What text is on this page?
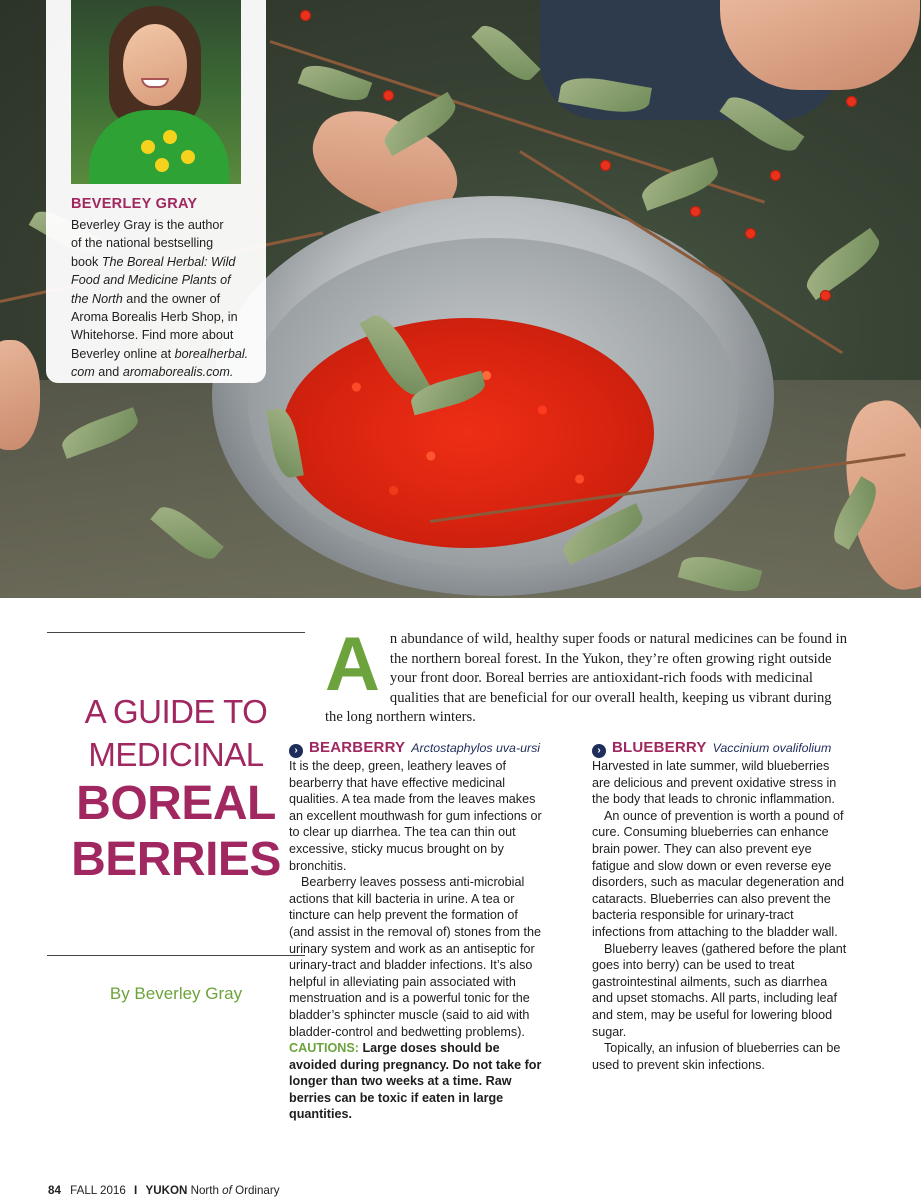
BEVERLEY GRAY
Beverley Gray is the author
of the national bestselling
book The Boreal Herbal: Wild
Food and Medicine Plants of
the North and the owner of
Aroma Borealis Herb Shop, in
Whitehorse. Find more about
Beverley online at borealherbal.
com and aromaborealis.com.
A GUIDE TO
MEDICINAL
BOREAL
BERRIES
By Beverley Gray
A n abundance of wild, healthy super foods or natural medicines can be found in the northern boreal forest. In the Yukon, they’re often growing right outside your front door. Boreal berries are antioxidant-rich foods with medicinal qualities that are beneficial for our overall health, keeping us vibrant during the long northern winters.
› BEARBERRY Arctostaphylos uva-ursi

It is the deep, green, leathery leaves of bearberry that have effective medicinal qualities. A tea made from the leaves makes an excellent mouthwash for gum infections or to clear up diarrhea. The tea can thin out excessive, sticky mucus brought on by bronchitis.

Bearberry leaves possess anti-microbial actions that kill bacteria in urine. A tea or tincture can help prevent the formation of (and assist in the removal of) stones from the urinary system and work as an antiseptic for urinary-tract and bladder infections. It’s also helpful in alleviating pain associated with menstruation and is a powerful tonic for the bladder’s sphincter muscle (said to aid with bladder-control and bedwetting problems).

CAUTIONS: Large doses should be avoided during pregnancy. Do not take for longer than two weeks at a time. Raw berries can be toxic if eaten in large quantities.

› BLUEBERRY Vaccinium ovalifolium

Harvested in late summer, wild blueberries are delicious and prevent oxidative stress in the body that leads to chronic inflammation.

An ounce of prevention is worth a pound of cure. Consuming blueberries can enhance brain power. They can also prevent eye fatigue and slow down or even reverse eye disorders, such as macular degeneration and cataracts. Blueberries can also prevent the bacteria responsible for urinary-tract infections from attaching to the bladder wall.

Blueberry leaves (gathered before the plant goes into berry) can be used to treat gastrointestinal ailments, such as diarrhea and upset stomachs. All parts, including leaf and stem, may be useful for lowering blood sugar.

Topically, an infusion of blueberries can be used to prevent skin infections.

84 FALL 2016 I YUKON North of Ordinary
